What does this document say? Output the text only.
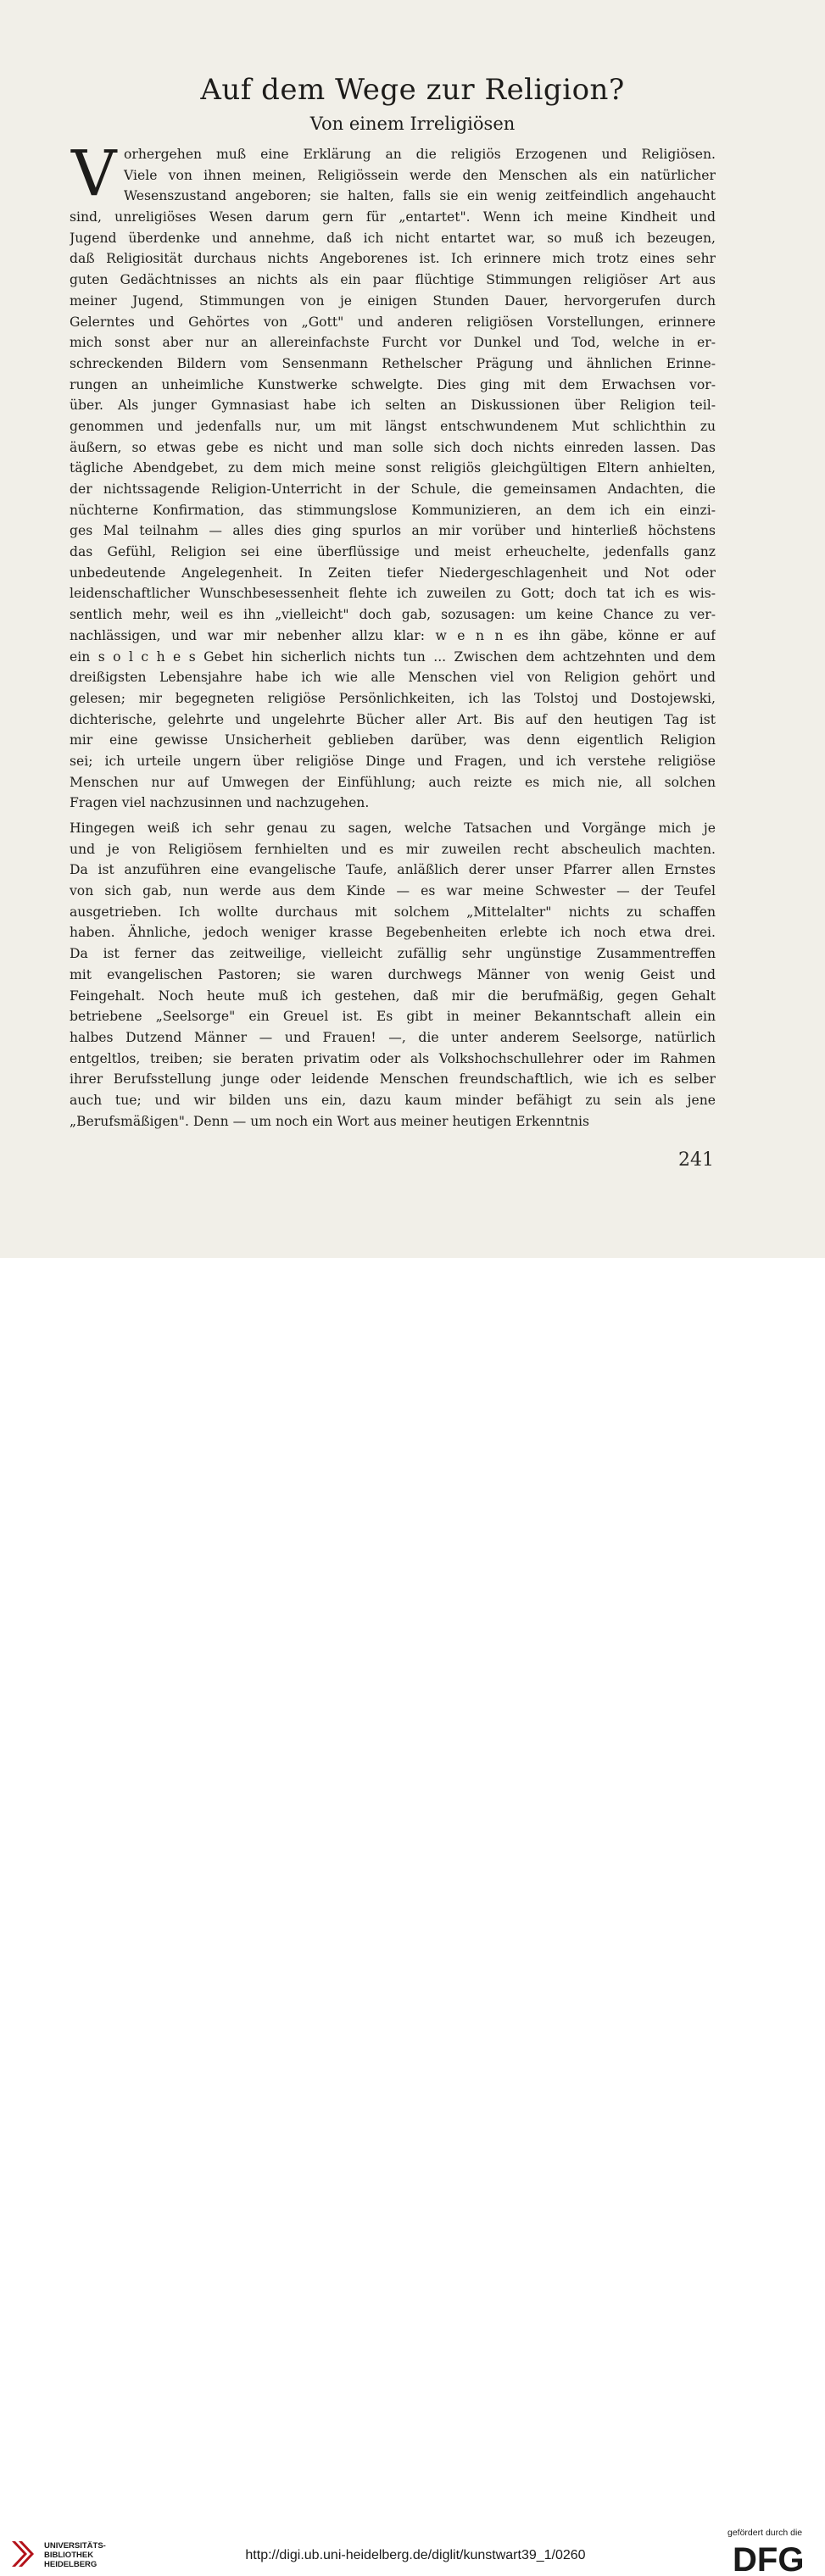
Auf dem Wege zur Religion?
Von einem Irreligiösen
V orhergehen muß eine Erklärung an die religiös Erzogenen und Religiösen.
Viele von ihnen meinen, Religiössein werde den Menschen als ein natürlicher
Wesenszustand angeboren; sie halten, falls sie ein wenig zeitfeindlich angehaucht
sind, unreligiöses Wesen darum gern für „entartet". Wenn ich meine Kindheit und
Jugend überdenke und annehme, daß ich nicht entartet war, so muß ich bezeugen,
daß Religiosität durchaus nichts Angeborenes ist. Ich erinnere mich trotz eines sehr
guten Gedächtnisses an nichts als ein paar flüchtige Stimmungen religiöser Art aus
meiner Jugend, Stimmungen von je einigen Stunden Dauer, hervorgerufen durch
Gelerntes und Gehörtes von „Gott" und anderen religiösen Vorstellungen, erinnere
mich sonst aber nur an allereinfachste Furcht vor Dunkel und Tod, welche in er-
schreckenden Bildern vom Sensenmann Rethelscher Prägung und ähnlichen Erinne-
rungen an unheimliche Kunstwerke schwelgte. Dies ging mit dem Erwachsen vor-
über. Als junger Gymnasiast habe ich selten an Diskussionen über Religion teil-
genommen und jedenfalls nur, um mit längst entschwundenem Mut schlichthin zu
äußern, so etwas gebe es nicht und man solle sich doch nichts einreden lassen. Das
tägliche Abendgebet, zu dem mich meine sonst religiös gleichgültigen Eltern anhielten,
der nichtssagende Religion-Unterricht in der Schule, die gemeinsamen Andachten, die
nüchterne Konfirmation, das stimmungslose Kommunizieren, an dem ich ein einzi-
ges Mal teilnahm — alles dies ging spurlos an mir vorüber und hinterließ höchstens
das Gefühl, Religion sei eine überflüssige und meist erheuchelte, jedenfalls ganz
unbedeutende Angelegenheit. In Zeiten tiefer Niedergeschlagenheit und Not oder
leidenschaftlicher Wunschbesessenheit flehte ich zuweilen zu Gott; doch tat ich es wis-
sentlich mehr, weil es ihn „vielleicht" doch gab, sozusagen: um keine Chance zu ver-
nachlässigen, und war mir nebenher allzu klar: w e n n es ihn gäbe, könne er auf
ein s o l c h e s Gebet hin sicherlich nichts tun ... Zwischen dem achtzehnten und dem
dreißigsten Lebensjahre habe ich wie alle Menschen viel von Religion gehört und
gelesen; mir begegneten religiöse Persönlichkeiten, ich las Tolstoj und Dostojewski,
dichterische, gelehrte und ungelehrte Bücher aller Art. Bis auf den heutigen Tag ist
mir eine gewisse Unsicherheit geblieben darüber, was denn eigentlich Religion
sei; ich urteile ungern über religiöse Dinge und Fragen, und ich verstehe religiöse
Menschen nur auf Umwegen der Einfühlung; auch reizte es mich nie, all solchen
Fragen viel nachzusinnen und nachzugehen.
Hingegen weiß ich sehr genau zu sagen, welche Tatsachen und Vorgänge mich je
und je von Religiösem fernhielten und es mir zuweilen recht abscheulich machten.
Da ist anzuführen eine evangelische Taufe, anläßlich derer unser Pfarrer allen Ernstes
von sich gab, nun werde aus dem Kinde — es war meine Schwester — der Teufel
ausgetrieben. Ich wollte durchaus mit solchem „Mittelalter" nichts zu schaffen
haben. Ähnliche, jedoch weniger krasse Begebenheiten erlebte ich noch etwa drei.
Da ist ferner das zeitweilige, vielleicht zufällig sehr ungünstige Zusammentreffen
mit evangelischen Pastoren; sie waren durchwegs Männer von wenig Geist und
Feingehalt. Noch heute muß ich gestehen, daß mir die berufmäßig, gegen Gehalt
betriebene „Seelsorge" ein Greuel ist. Es gibt in meiner Bekanntschaft allein ein
halbes Dutzend Männer — und Frauen! —, die unter anderem Seelsorge, natürlich
entgeltlos, treiben; sie beraten privatim oder als Volkshochschullehrer oder im Rahmen
ihrer Berufsstellung junge oder leidende Menschen freundschaftlich, wie ich es selber
auch tue; und wir bilden uns ein, dazu kaum minder befähigt zu sein als jene
„Berufsmäßigen". Denn — um noch ein Wort aus meiner heutigen Erkenntnis
241
UNIVERSITÄTS-
BIBLIOTHEK
HEIDELBERG
http://digi.ub.uni-heidelberg.de/diglit/kunstwart39_1/0260
gefördert durch die
DFG
